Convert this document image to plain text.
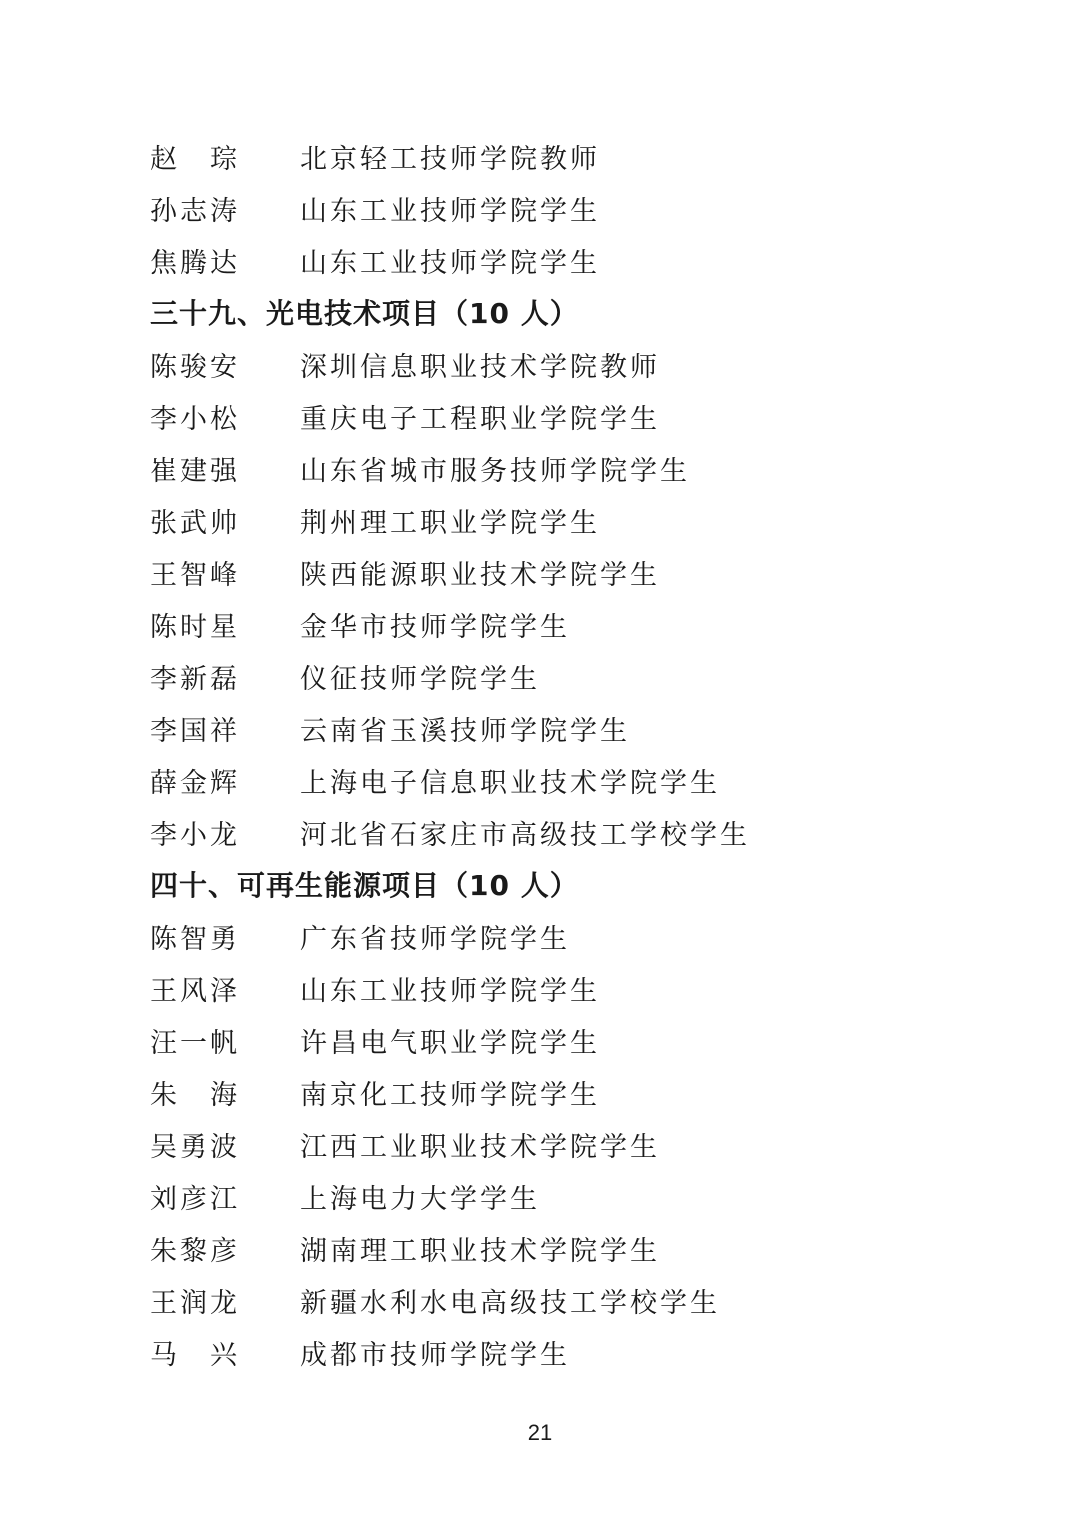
赵　琮	北京轻工技师学院教师
孙志涛	山东工业技师学院学生
焦腾达	山东工业技师学院学生
三十九、光电技术项目（10 人）
陈骏安	深圳信息职业技术学院教师
李小松	重庆电子工程职业学院学生
崔建强	山东省城市服务技师学院学生
张武帅	荆州理工职业学院学生
王智峰	陕西能源职业技术学院学生
陈时星	金华市技师学院学生
李新磊	仪征技师学院学生
李国祥	云南省玉溪技师学院学生
薛金辉	上海电子信息职业技术学院学生
李小龙	河北省石家庄市高级技工学校学生
四十、可再生能源项目（10 人）
陈智勇	广东省技师学院学生
王风泽	山东工业技师学院学生
汪一帆	许昌电气职业学院学生
朱　海	南京化工技师学院学生
吴勇波	江西工业职业技术学院学生
刘彦江	上海电力大学学生
朱黎彦	湖南理工职业技术学院学生
王润龙	新疆水利水电高级技工学校学生
马　兴	成都市技师学院学生
21
